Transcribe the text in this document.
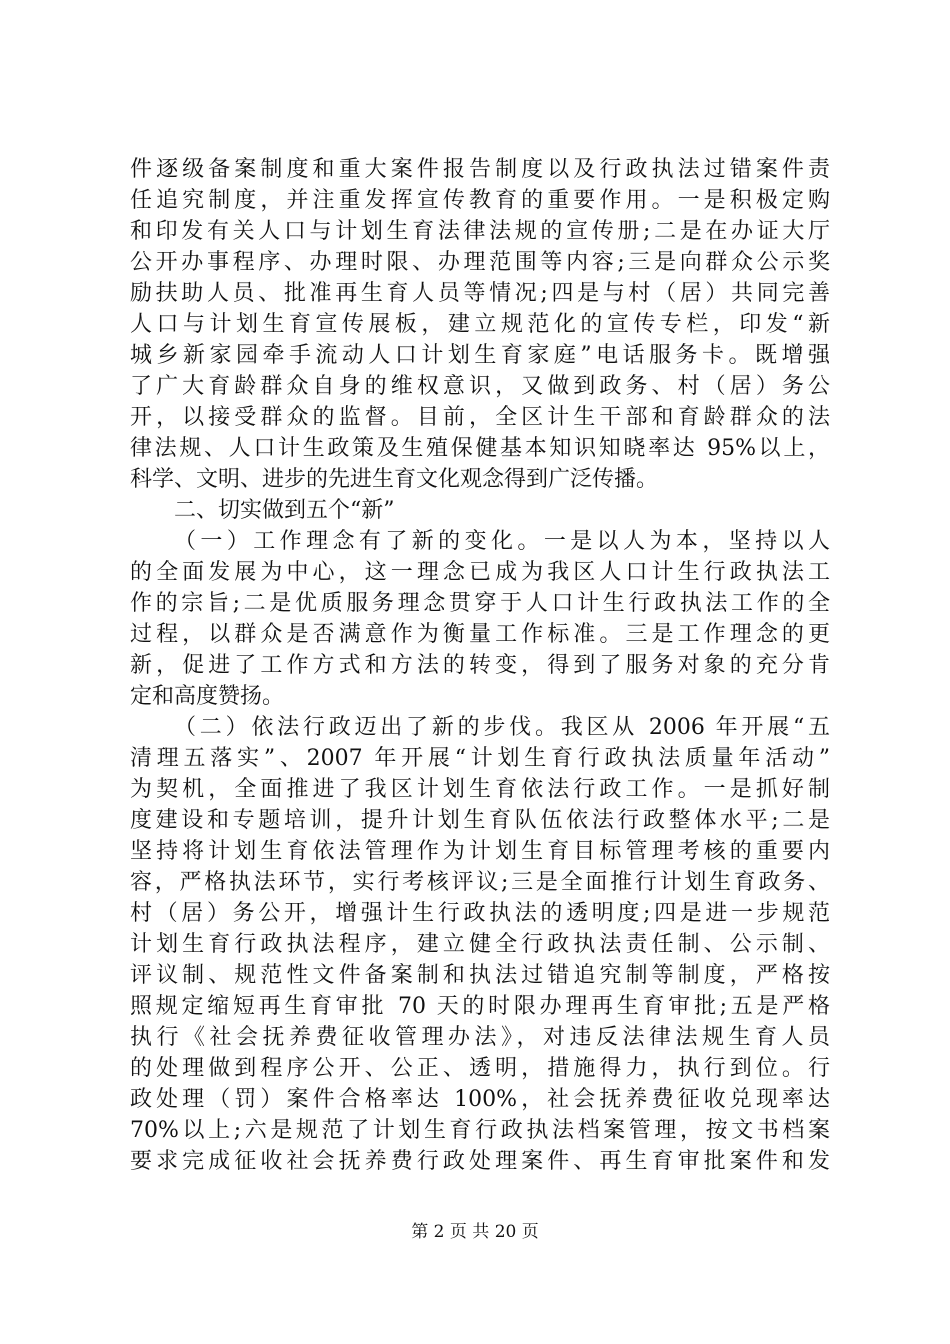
件逐级备案制度和重大案件报告制度以及行政执法过错案件责
任追究制度，并注重发挥宣传教育的重要作用。一是积极定购
和印发有关人口与计划生育法律法规的宣传册;二是在办证大厅
公开办事程序、办理时限、办理范围等内容;三是向群众公示奖
励扶助人员、批准再生育人员等情况;四是与村（居）共同完善
人口与计划生育宣传展板，建立规范化的宣传专栏，印发“新
城乡新家园牵手流动人口计划生育家庭”电话服务卡。既增强
了广大育龄群众自身的维权意识，又做到政务、村（居）务公
开，以接受群众的监督。目前，全区计生干部和育龄群众的法
律法规、人口计生政策及生殖保健基本知识知晓率达 95%以上，
科学、文明、进步的先进生育文化观念得到广泛传播。
二、切实做到五个“新”
（一）工作理念有了新的变化。一是以人为本，坚持以人
的全面发展为中心，这一理念已成为我区人口计生行政执法工
作的宗旨;二是优质服务理念贯穿于人口计生行政执法工作的全
过程，以群众是否满意作为衡量工作标准。三是工作理念的更
新，促进了工作方式和方法的转变，得到了服务对象的充分肯
定和高度赞扬。
（二）依法行政迈出了新的步伐。我区从 2006 年开展“五
清理五落实”、2007 年开展“计划生育行政执法质量年活动”
为契机，全面推进了我区计划生育依法行政工作。一是抓好制
度建设和专题培训，提升计划生育队伍依法行政整体水平;二是
坚持将计划生育依法管理作为计划生育目标管理考核的重要内
容，严格执法环节，实行考核评议;三是全面推行计划生育政务、
村（居）务公开，增强计生行政执法的透明度;四是进一步规范
计划生育行政执法程序，建立健全行政执法责任制、公示制、
评议制、规范性文件备案制和执法过错追究制等制度，严格按
照规定缩短再生育审批 70 天的时限办理再生育审批;五是严格
执行《社会抚养费征收管理办法》，对违反法律法规生育人员
的处理做到程序公开、公正、透明，措施得力，执行到位。行
政处理（罚）案件合格率达 100%，社会抚养费征收兑现率达
70%以上;六是规范了计划生育行政执法档案管理，按文书档案
要求完成征收社会抚养费行政处理案件、再生育审批案件和发
第 2 页 共 20 页
